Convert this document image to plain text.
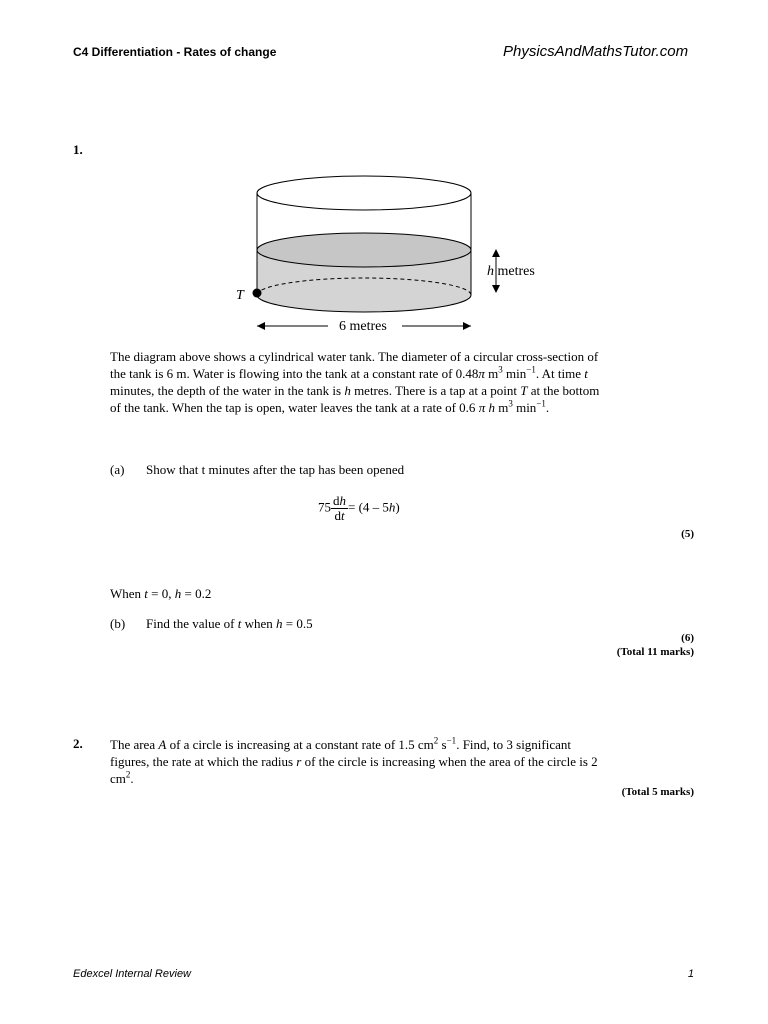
C4 Differentiation - Rates of change	PhysicsAndMathsTutor.com
1.
T
h metres
6 metres

The diagram above shows a cylindrical water tank. The diameter of a circular cross-section of

the tank is 6 m. Water is flowing into the tank at a constant rate of 0.48π $m^3$ $\min^{-1}$. At time t

minutes, the depth of the water in the tank is h metres. There is a tap at a point T at the bottom

of the tank. When the tap is open, water leaves the tank at a rate of 0.6 π h $m^3$ $\min^{-1}$.

(a) Show that t minutes after the tap has been opened
$75 \frac{dh}{dt} = (4 - 5h)$
(5)
When t = 0, h = 0.2
(b) Find the value of t when h = 0.5
(6)
(Total 11 marks)
2. The area A of a circle is increasing at a constant rate of 1.5 $cm^2$ $s^{-1}$. Find, to 3 significant

figures, the rate at which the radius r of the circle is increasing when the area of the circle is 2

$cm^2$.

(Total 5 marks)
Edexcel Internal Review	1
